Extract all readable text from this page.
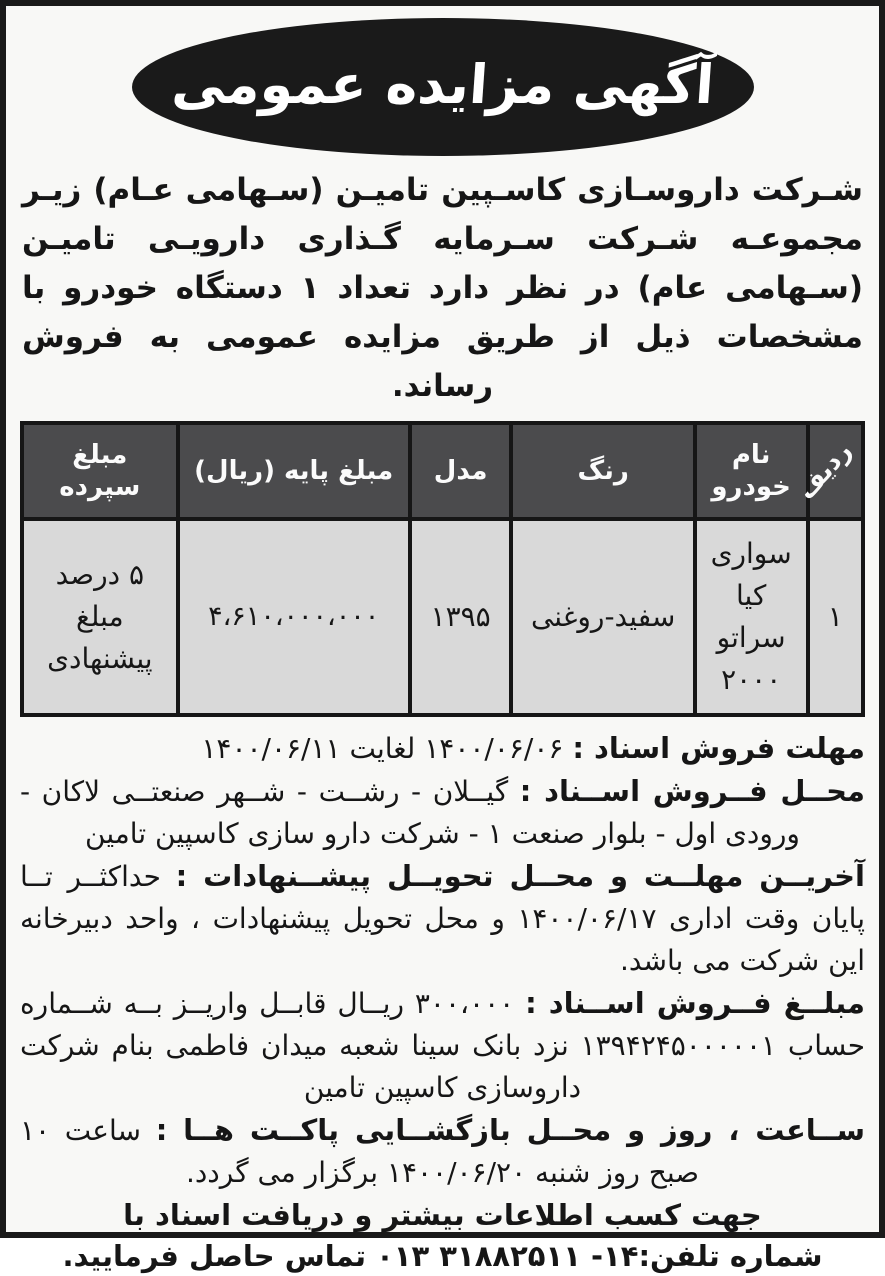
آگهی مزایده عمومی

شـرکت داروسـازی کاسـپین تامیـن (سـهامی عـام) زیـر مجموعـه شـرکت سـرمایه گـذاری دارویـی تامیـن (سـهامی عام) در نظر دارد تعداد ۱ دستگاه خودرو با مشخصات ذیل از طریق مزایده عمومی به فروش رساند.

ردیف	نام خودرو	رنگ	مدل	مبلغ پایه (ریال)	مبلغ سپرده
۱	سواری کیا سراتو ۲۰۰۰	سفید-روغنی	۱۳۹۵	۴،۶۱۰،۰۰۰،۰۰۰	۵ درصد مبلغ پیشنهادی

مهلت فروش اسناد : ۱۴۰۰/۰۶/۰۶ لغایت ۱۴۰۰/۰۶/۱۱

محــل فــروش اســناد : گیــلان - رشــت - شــهر صنعتــی لاکان - ورودی اول - بلوار صنعت ۱ - شرکت دارو سازی کاسپین تامین

آخریــن مهلــت و محــل تحویــل پیشــنهادات : حداکثــر تــا پایان وقت اداری ۱۴۰۰/۰۶/۱۷ و محل تحویل پیشنهادات ، واحد دبیرخانه این شرکت می باشد.

مبلــغ فــروش اســناد : ۳۰۰،۰۰۰ ریــال قابــل واریــز بــه شــماره حساب ۱۳۹۴۲۴۵۰۰۰۰۰۱ نزد بانک سینا شعبه میدان فاطمی بنام شرکت داروسازی کاسپین تامین

ســاعت ، روز و محــل بازگشــایی پاکــت هــا : ساعت ۱۰ صبح روز شنبه ۱۴۰۰/۰۶/۲۰ برگزار می گردد.

جهت کسب اطلاعات بیشتر و دریافت اسناد با

شماره تلفن:۱۴- ۳۱۸۸۲۵۱۱ ۰۱۳ تماس حاصل فرمایید.
